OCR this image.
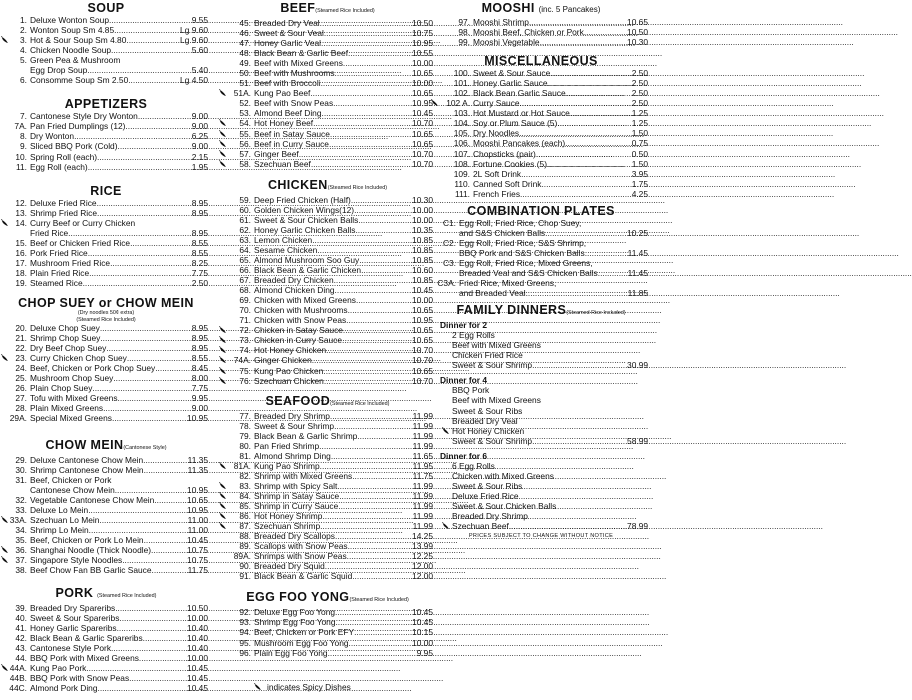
SOUP
1. Deluxe Wonton Soup .....	9.55
2. Wonton Soup Sm 4.85 .....	Lg 9.60
3. Hot & Sour Soup Sm 4.80 .....	Lg 9.60
4. Chicken Noodle Soup .....	5.60
5. Green Pea & Mushroom
Egg Drop Soup .....	5.40
6. Consomme Soup Sm 2.50 .....	Lg 4.50
APPETIZERS
7. Cantonese Style Dry Wonton .....	9.00
7A. Pan Fried Dumplings (12) .....	9.00
8. Dry Wonton .....	6.25
9. Sliced BBQ Pork (Cold) .....	9.00
10. Spring Roll (each) .....	2.15
11. Egg Roll (each) .....	1.95
RICE
12. Deluxe Fried Rice .....	8.95
13. Shrimp Fried Rice .....	8.95
14. Curry Beef or Curry Chicken
Fried Rice .....	8.95
15. Beef or Chicken Fried Rice .....	8.55
16. Pork Fried Rice .....	8.55
17. Mushroom Fried Rice .....	8.25
18. Plain Fried Rice .....	7.75
19. Steamed Rice .....	2.50
CHOP SUEY or CHOW MEIN
(Dry noodles 50¢ extra)
(Steamed Rice Included)
20. Deluxe Chop Suey .....	8.95
21. Shrimp Chop Suey .....	8.95
22. Dry Beef Chop Suey .....	8.95
23. Curry Chicken Chop Suey .....	8.55
24. Beef, Chicken or Pork Chop Suey .....	8.45
25. Mushroom Chop Suey .....	8.00
26. Plain Chop Suey .....	7.75
27. Tofu with Mixed Greens .....	9.95
28. Plain Mixed Greens .....	9.00
29A. Special Mixed Greens .....	10.95
CHOW MEIN(Cantonese Style)
29. Deluxe Cantonese Chow Mein .....	11.35
30. Shrimp Cantonese Chow Mein .....	11.35
31. Beef, Chicken or Pork
Cantonese Chow Mein .....	10.95
32. Vegetable Cantonese Chow Mein .....	10.65
33. Deluxe Lo Mein .....	10.95
33A. Szechuan Lo Mein .....	11.00
34. Shrimp Lo Mein .....	11.00
35. Beef, Chicken or Pork Lo Mein .....	10.45
36. Shanghai Noodle (Thick Noodle) .....	10.75
37. Singapore Style Noodles .....	10.75
38. Beef Chow Fan BB Garlic Sauce .....	11.75
PORK (Steamed Rice Included)
39. Breaded Dry Spareribs .....	10.50
40. Sweet & Sour Spareribs .....	10.00
41. Honey Garlic Spareribs .....	10.40
42. Black Bean & Garlic Spareribs .....	10.40
43. Cantonese Style Pork .....	10.40
44. BBQ Pork with Mixed Greens .....	10.00
44A. Kung Pao Pork .....	10.45
44B. BBQ Pork with Snow Peas .....	10.45
44C. Almond Pork Ding .....	10.45
BEEF(Steamed Rice Included)
45. Breaded Dry Veal .....	10.50
46. Sweet & Sour Veal .....	10.75
47. Honey Garlic Veal .....	10.95
48. Black Bean & Garlic Beef .....	10.55
49. Beef with Mixed Greens .....	10.00
50. Beef with Mushrooms .....	10.65
51. Beef with Broccoli .....	10.00
51A. Kung Pao Beef .....	10.65
52. Beef with Snow Peas .....	10.95
53. Almond Beef Ding .....	10.45
54. Hot Honey Beef .....	10.70
55. Beef in Satay Sauce .....	10.65
56. Beef in Curry Sauce .....	10.65
57. Ginger Beef .....	10.70
58. Szechuan Beef .....	10.70
CHICKEN(Steamed Rice Included)
59. Deep Fried Chicken (Half) .....	10.30
60. Golden Chicken Wings(12) .....	10.00
61. Sweet & Sour Chicken Balls .....	10.00
62. Honey Garlic Chicken Balls .....	10.35
63. Lemon Chicken .....	10.85
64. Sesame Chicken .....	10.85
65. Almond Mushroom Soo Guy .....	10.85
66. Black Bean & Garlic Chicken .....	10.60
67. Breaded Dry Chicken .....	10.85
68. Almond Chicken Ding .....	10.45
69. Chicken with Mixed Greens .....	10.00
70. Chicken with Mushrooms .....	10.65
71. Chicken with Snow Peas .....	10.95
72. Chicken in Satay Sauce .....	10.65
73. Chicken in Curry Sauce .....	10.65
74. Hot Honey Chicken .....	10.70
74A. Ginger Chicken .....	10.70
75. Kung Pao Chicken .....	10.65
76. Szechuan Chicken .....	10.70
SEAFOOD(Steamed Rice Included)
77. Breaded Dry Shrimp .....	11.99
78. Sweet & Sour Shrimp .....	11.99
79. Black Bean & Garlic Shrimp .....	11.99
80. Pan Fried Shrimp .....	11.99
81. Almond Shrimp Ding .....	11.65
81A. Kung Pao Shrimp .....	11.95
82. Shrimp with Mixed Greens .....	11.75
83. Shrimp with Spicy Salt .....	11.99
84. Shrimp in Satay Sauce .....	11.99
85. Shrimp in Curry Sauce .....	11.99
86. Hot Honey Shrimp .....	11.99
87. Szechuan Shrimp .....	11.99
88. Breaded Dry Scallops .....	14.25
89. Scallops with Snow Peas .....	13.99
89A. Shrimps with Snow Peas .....	12.25
90. Breaded Dry Squid .....	12.00
91. Black Bean & Garlic Squid .....	12.00
EGG FOO YONG(Steamed Rice Included)
92. Deluxe Egg Foo Yong .....	10.45
93. Shrimp Egg Foo Yong .....	10.45
94. Beef, Chicken or Pork EFY .....	10.15
95. Mushroom Egg Foo Yong .....	10.00
96. Plain Egg Foo Yong .....	9.95
MOOSHI (inc. 5 Pancakes)
97. Mooshi Shrimp .....	10.65
98. Mooshi Beef, Chicken or Pork .....	10.50
99. Mooshi Vegetable .....	10.30
MISCELLANEOUS
100. Sweet & Sour Sauce .....	2.50
101. Honey Garlic Sauce .....	2.50
102. Black Bean Garlic Sauce .....	2.50
102 A. Curry Sauce .....	2.50
103. Hot Mustard or Hot Sauce .....	1.25
104. Soy or Plum Sauce (5) .....	1.25
105. Dry Noodles .....	1.50
106. Mooshi Pancakes (each) .....	0.75
107. Chopsticks (pair) .....	0.50
108. Fortune Cookies (5) .....	1.50
109. 2L Soft Drink .....	3.95
110. Canned Soft Drink .....	1.75
111. French Fries .....	4.25
COMBINATION PLATES
C1. Egg Roll, Fried Rice, Chop Suey,
and S&S Chicken Balls .....	10.25
C2. Egg Roll, Fried Rice, S&S Shrimp,
BBQ Pork and S&S Chicken Balls .....	11.45
C3. Egg Roll, Fried Rice, Mixed Greens,
Breaded Veal and S&S Chicken Balls .....	11.45
C3A. Fried Rice, Mixed Greens,
and Breaded Veal .....	11.85
FAMILY DINNERS(Steamed Rice Included)
Dinner for 2
2 Egg Rolls
Beef with Mixed Greens
Chicken Fried Rice
Sweet & Sour Shrimp .....	30.99
Dinner for 4
BBQ Pork
Beef with Mixed Greens
Sweet & Sour Ribs
Breaded Dry Veal
Hot Honey Chicken
Sweet & Sour Shrimp .....	58.99
Dinner for 6
6 Egg Rolls
Chicken with Mixed Greens
Sweet & Sour Ribs
Deluxe Fried Rice
Sweet & Sour Chicken Balls
Breaded Dry Shrimp
Szechuan Beef .....	78.99
PRICES SUBJECT TO CHANGE WITHOUT NOTICE
indicates Spicy Dishes
